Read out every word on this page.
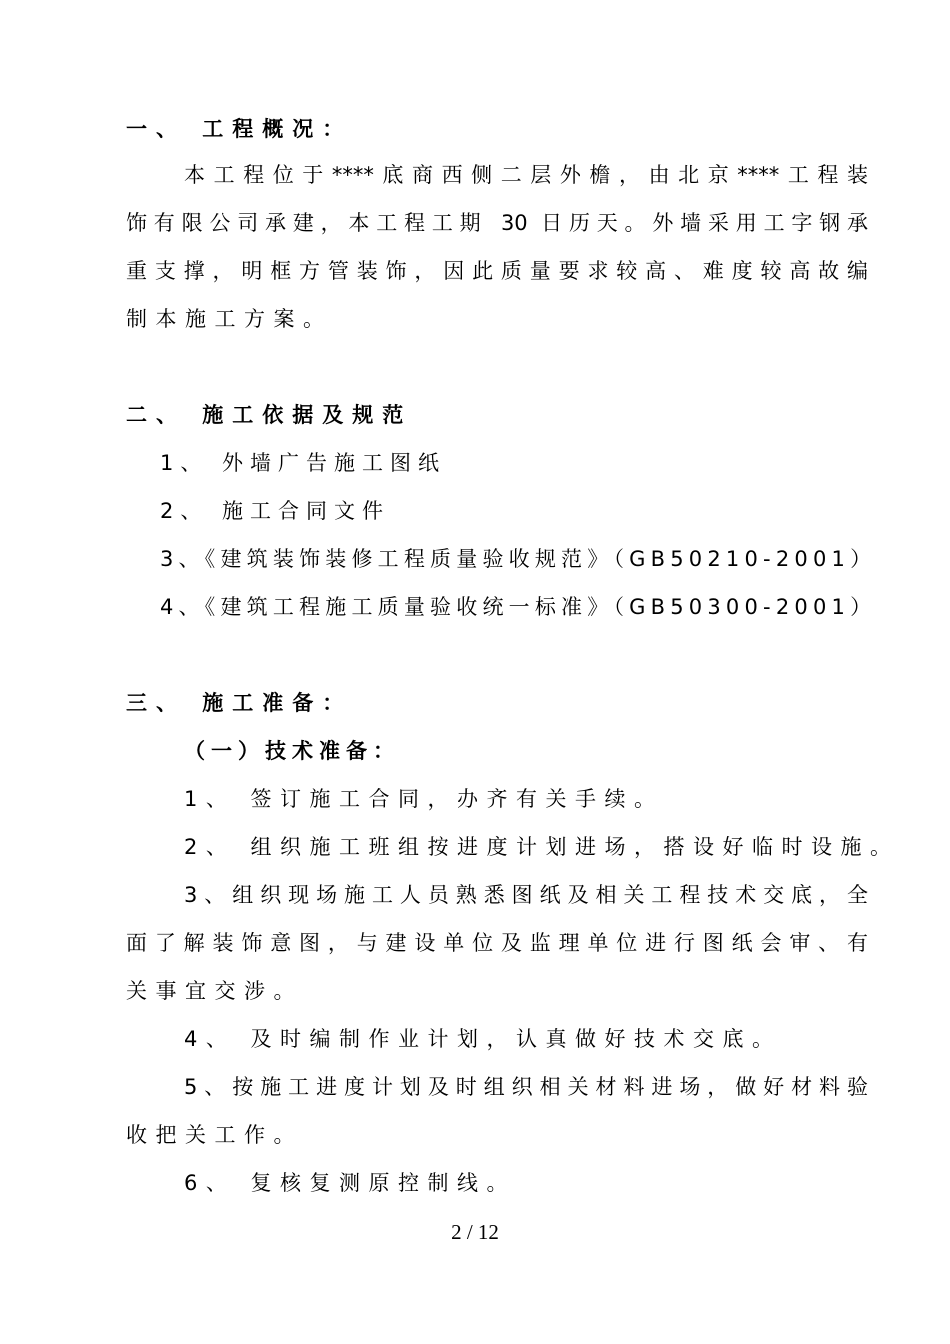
一、 工程概况：
本工程位于****底商西侧二层外檐，由北京****工程装
饰有限公司承建，本工程工期 30 日历天。外墙采用工字钢承
重支撑，明框方管装饰，因此质量要求较高、难度较高故编
制本施工方案。
二、 施工依据及规范
1、 外墙广告施工图纸
2、 施工合同文件
3、《建筑装饰装修工程质量验收规范》（GB50210-2001）
4、《建筑工程施工质量验收统一标准》（GB50300-2001）
三、 施工准备：
（一）技术准备：
1、 签订施工合同，办齐有关手续。
2、 组织施工班组按进度计划进场，搭设好临时设施。
3、组织现场施工人员熟悉图纸及相关工程技术交底，全
面了解装饰意图，与建设单位及监理单位进行图纸会审、有
关事宜交涉。
4、 及时编制作业计划，认真做好技术交底。
5、按施工进度计划及时组织相关材料进场，做好材料验
收把关工作。
6、 复核复测原控制线。
2 / 12
